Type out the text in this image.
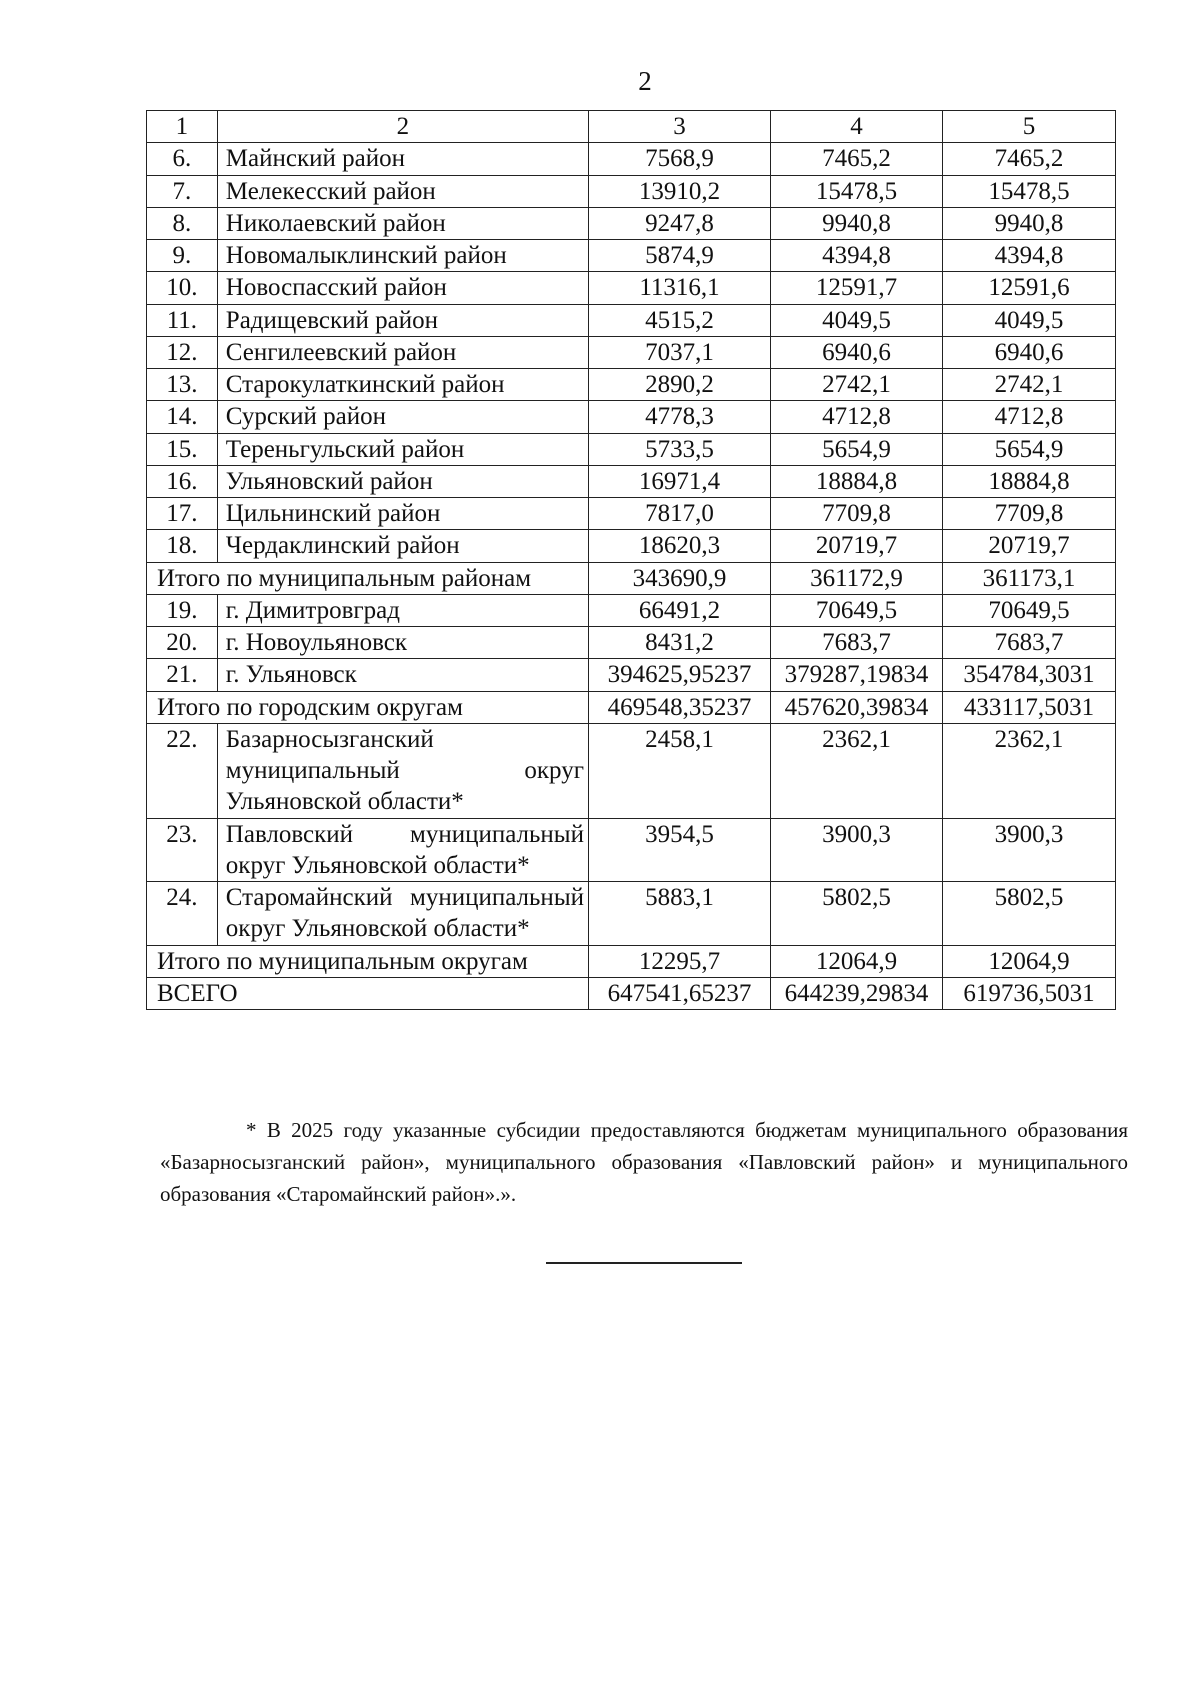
2
1	2	3	4	5
6.	Майнский район	7568,9	7465,2	7465,2
7.	Мелекесский район	13910,2	15478,5	15478,5
8.	Николаевский район	9247,8	9940,8	9940,8
9.	Новомалыклинский район	5874,9	4394,8	4394,8
10.	Новоспасский район	11316,1	12591,7	12591,6
11.	Радищевский район	4515,2	4049,5	4049,5
12.	Сенгилеевский район	7037,1	6940,6	6940,6
13.	Старокулаткинский район	2890,2	2742,1	2742,1
14.	Сурский район	4778,3	4712,8	4712,8
15.	Тереньгульский район	5733,5	5654,9	5654,9
16.	Ульяновский район	16971,4	18884,8	18884,8
17.	Цильнинский район	7817,0	7709,8	7709,8
18.	Чердаклинский район	18620,3	20719,7	20719,7
Итого по муниципальным районам		343690,9	361172,9	361173,1
19.	г. Димитровград	66491,2	70649,5	70649,5
20.	г. Новоульяновск	8431,2	7683,7	7683,7
21.	г. Ульяновск	394625,95237	379287,19834	354784,3031
Итого по городским округам		469548,35237	457620,39834	433117,5031
22.	Базарносызганский муниципальный округ Ульяновской области*	2458,1	2362,1	2362,1
23.	Павловский муниципальный округ Ульяновской области*	3954,5	3900,3	3900,3
24.	Старомайнский муниципальный округ Ульяновской области*	5883,1	5802,5	5802,5
Итого по муниципальным округам		12295,7	12064,9	12064,9
ВСЕГО		647541,65237	644239,29834	619736,5031
* В 2025 году указанные субсидии предоставляются бюджетам муниципального образования «Базарносызганский район», муниципального образования «Павловский район» и муниципального образования «Старомайнский район».».
